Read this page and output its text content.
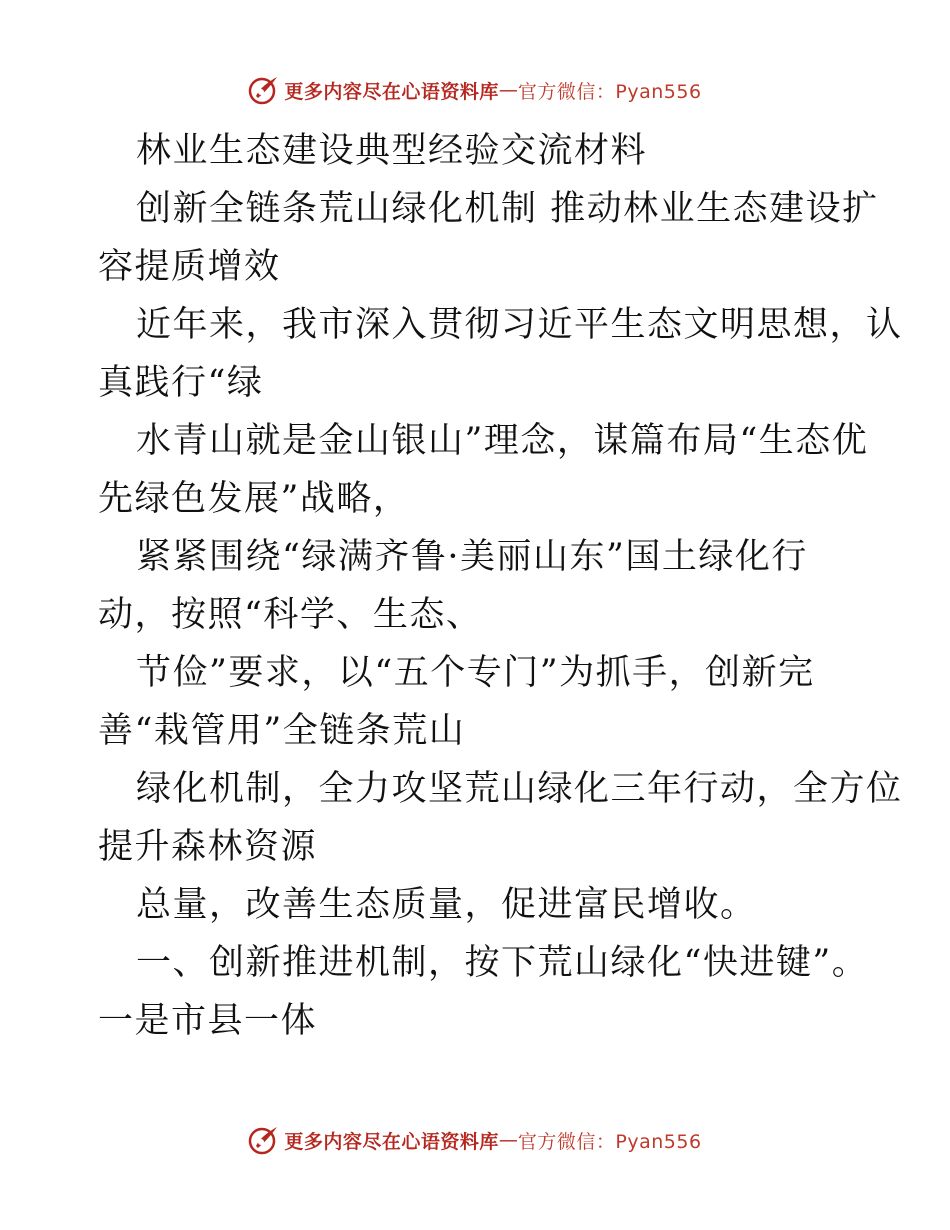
更多内容尽在心语资料库 — 官方微信：Pyan556
林业生态建设典型经验交流材料
创新全链条荒山绿化机制 推动林业生态建设扩
容提质增效
近年来，我市深入贯彻习近平生态文明思想，认
真践行“绿
水青山就是金山银山”理念，谋篇布局“生态优
先绿色发展”战略，
紧紧围绕“绿满齐鲁·美丽山东”国土绿化行
动，按照“科学、生态、
节俭”要求，以“五个专门”为抓手，创新完
善“栽管用”全链条荒山
绿化机制，全力攻坚荒山绿化三年行动，全方位
提升森林资源
总量，改善生态质量，促进富民增收。
一、创新推进机制，按下荒山绿化“快进键”。
一是市县一体
更多内容尽在心语资料库 — 官方微信：Pyan556
